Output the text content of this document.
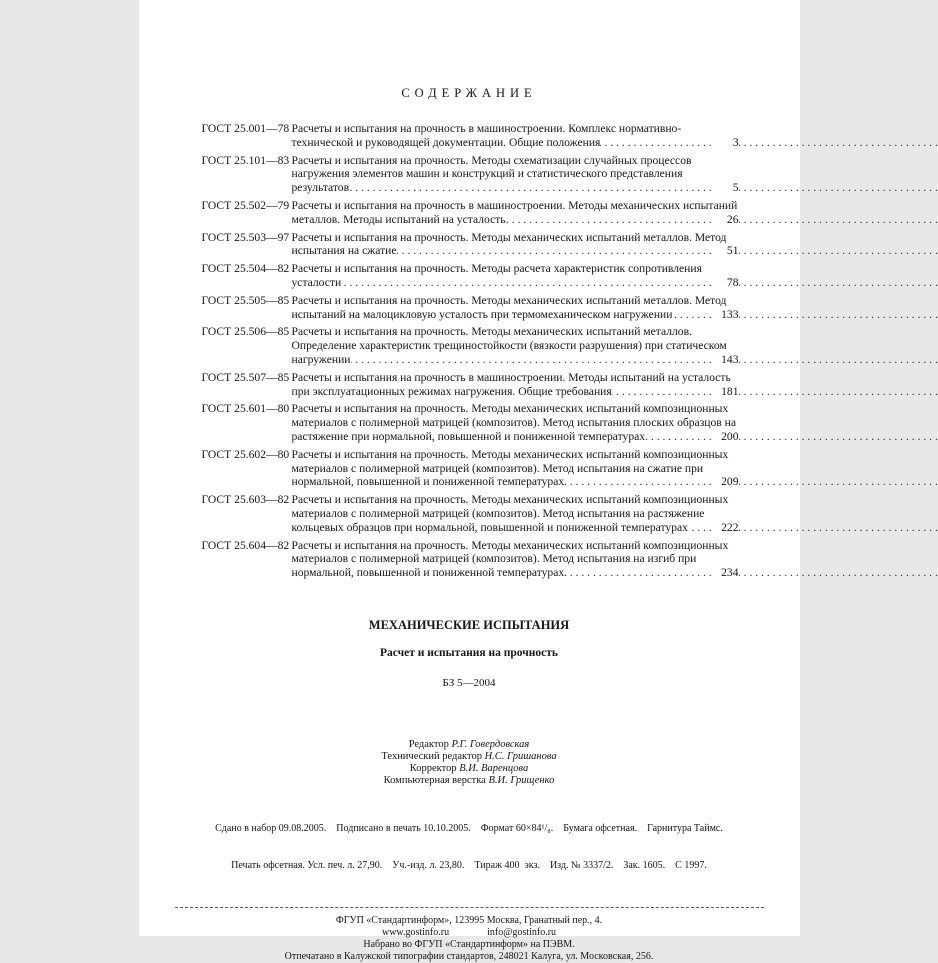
СОДЕРЖАНИЕ
ГОСТ 25.001—78
. . . Расчеты и испытания на прочность в машиностроении. Комплекс нормативно-технической и руководящей документации. Общие положения	3
ГОСТ 25.101—83
. . . Расчеты и испытания на прочность. Методы схематизации случайных процессов нагружения элементов машин и конструкций и статистического представления результатов	5
ГОСТ 25.502—79
. . . Расчеты и испытания на прочность в машиностроении. Методы механических испытаний металлов. Методы испытаний на усталость	26
ГОСТ 25.503—97
. . . Расчеты и испытания на прочность. Методы механических испытаний металлов. Метод испытания на сжатие	51
ГОСТ 25.504—82
. . . Расчеты и испытания на прочность. Методы расчета характеристик сопротивления усталости	78
ГОСТ 25.505—85
. . . Расчеты и испытания на прочность. Методы механических испытаний металлов. Метод испытаний на малоцикловую усталость при термомеханическом нагружении	133
ГОСТ 25.506—85
. . . Расчеты и испытания на прочность. Методы механических испытаний металлов. Определение характеристик трещиностойкости (вязкости разрушения) при статическом нагружении	143
ГОСТ 25.507—85
. . . Расчеты и испытания на прочность в машиностроении. Методы испытаний на усталость при эксплуатационных режимах нагружения. Общие требования	181
ГОСТ 25.601—80
. . . Расчеты и испытания на прочность. Методы механических испытаний композиционных материалов с полимерной матрицей (композитов). Метод испытания плоских образцов на растяжение при нормальной, повышенной и пониженной температурах	200
ГОСТ 25.602—80
. . . Расчеты и испытания на прочность. Методы механических испытаний композиционных материалов с полимерной матрицей (композитов). Метод испытания на сжатие при нормальной, повышенной и пониженной температурах	209
ГОСТ 25.603—82
. . . Расчеты и испытания на прочность. Методы механических испытаний композиционных материалов с полимерной матрицей (композитов). Метод испытания на растяжение кольцевых образцов при нормальной, повышенной и пониженной температурах	222
ГОСТ 25.604—82
. . . Расчеты и испытания на прочность. Методы механических испытаний композиционных материалов с полимерной матрицей (композитов). Метод испытания на изгиб при нормальной, повышенной и пониженной температурах	234
МЕХАНИЧЕСКИЕ ИСПЫТАНИЯ
Расчет и испытания на прочность
БЗ 5—2004
Редактор Р.Г. Говердовская
Технический редактор Н.С. Гришанова
Корректор В.И. Варенцова
Компьютерная верстка В.И. Грищенко

Сдано в набор 09.08.2005.    Подписано в печать 10.10.2005.    Формат 60×84¹/₈.    Бумага офсетная.    Гарнитура Таймс.

Печать офсетная. Усл. печ. л. 27,90.    Уч.-изд. л. 23,80.    Тираж 400  экз.    Изд. № 3337/2.    Зак. 1605.    С 1997.

ФГУП «Стандартинформ», 123995 Москва, Гранатный пер., 4.
www.gostinfo.ru	info@gostinfo.ru
Набрано во ФГУП «Стандартинформ» на ПЭВМ.
Отпечатано в Калужской типографии стандартов, 248021 Калуга, ул. Московская, 256.
